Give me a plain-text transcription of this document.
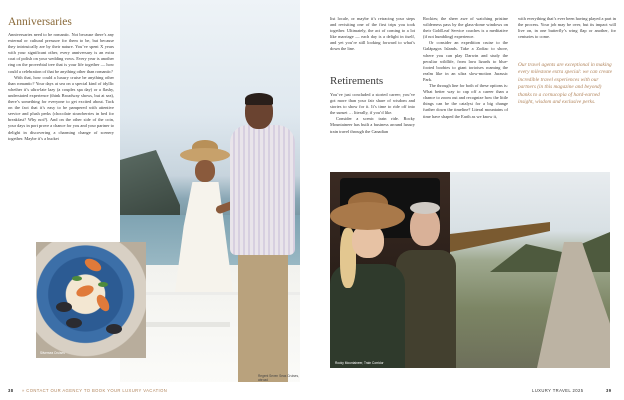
Anniversaries

Anniversaries need to be romantic. Not because there’s any external or cultural pressure for them to be, but because they intrinsically are by their nature. You’ve spent X years with your significant other, every anniversary is an extra coat of polish on your wedding vows. Every year is another ring on the proverbial tree that is your life together — how could a celebration of that be anything other than romantic?

With that, how could a luxury cruise be anything other than romantic? Your days at sea on a special kind of idyllic whether it’s ultra-late lazy (a couples spa day) or a flashy, understated experience (think Broadway shows, but at sea), there’s something for everyone to get excited about. Tack on the fact that it’s easy to be pampered with attentive service and plush perks (chocolate strawberries in bed for breakfast? Why not?). And on the other side of the coin, your days in port prove a chance for you and your partner to delight in discovering a charming change of scenery together. Maybe it’s a bucket

Regent Seven Seas Cruises, abroad
Silversea Cruises
list locale, or maybe it’s retracing your steps and revisiting one of the first trips you took together. Ultimately, the act of coming to a lot like marriage — each day is a delight in itself, and yet you’re still looking forward to what’s down the line.
Retirements

You’ve just concluded a storied career; you’ve got more than your fair share of wisdom and stories to show for it. It’s time to ride off into the sunset … literally, if you’d like.

Consider a scenic train ride. Rocky Mountaineer has built a business around luxury train travel through the Canadian

Rockies; the sheer awe of watching pristine wilderness pass by the glass-dome windows on their GoldLeaf Service coaches is a meditative (if not humbling) experience.

Or consider an expedition cruise to the Galápagos Islands. Take a Zodiac to shore, where you can play Darwin and study the peculiar wildlife, from lava lizards to blue-footed boobies to giant tortoises roaming the realm like in an ultra slow-motion Jurassic Park.

The through line for both of these options is: What better way to cap off a career than a chance to zoom out and recognize how the little things can be the catalyst for a big change further down the timeline? Literal mountains of time have shaped the Earth as we know it,

with everything that’s ever been having played a part in the process. Your job may be over, but its impact will live on, in one butterfly’s wing flap or another, for centuries to come.
Our travel agents are exceptional in making every milestone extra special: we can create incredible travel experiences with our partners (in this magazine and beyond) thanks to a cornucopia of hard-earned insight, wisdom and exclusive perks.
Rocky Mountaineer, Train Corridor
38 » CONTACT OUR AGENCY TO BOOK YOUR LUXURY VACATION	LUXURY TRAVEL 2025	39
